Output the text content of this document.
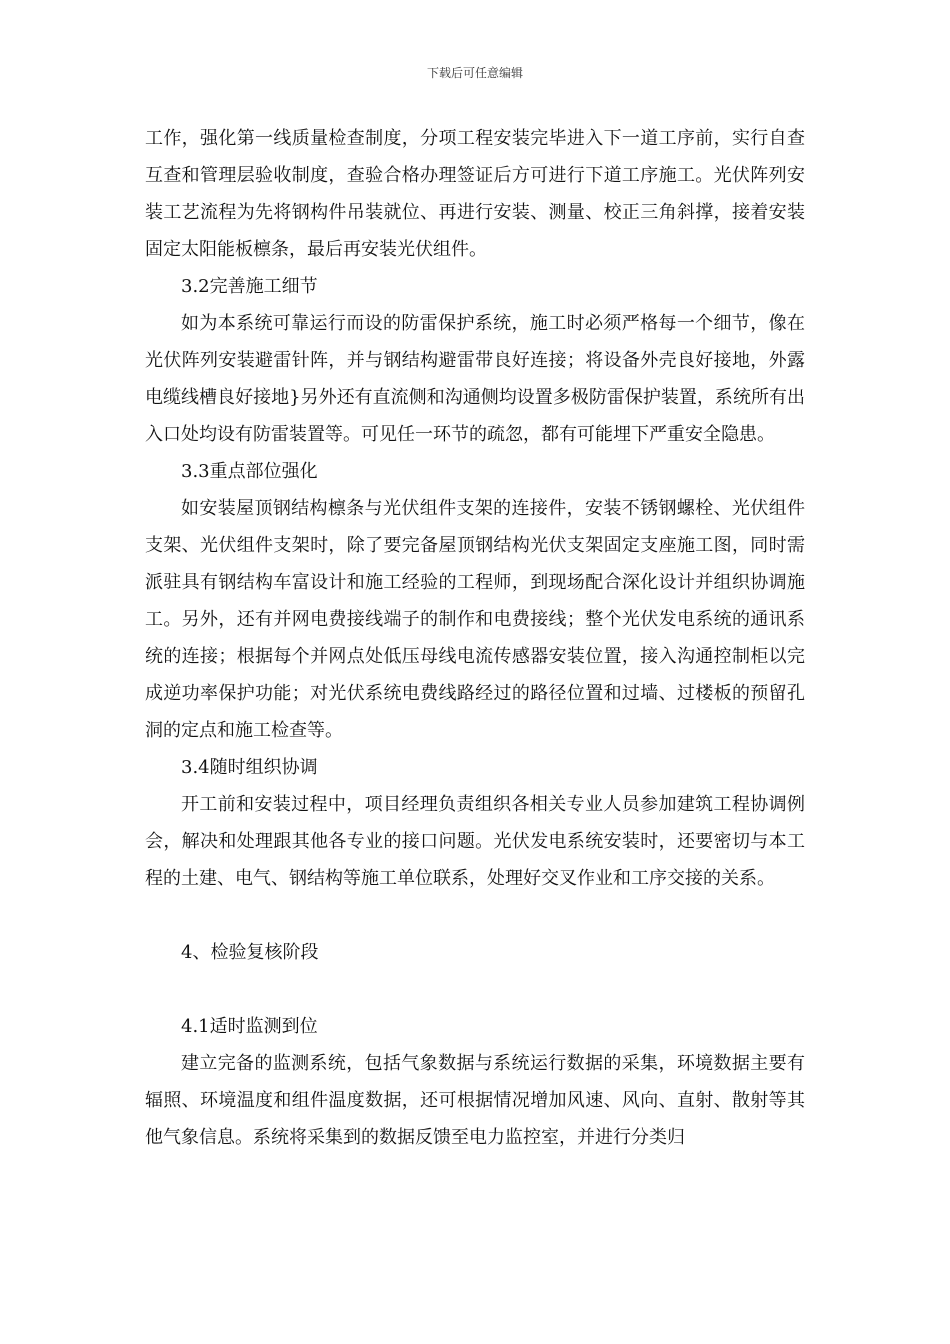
下载后可任意编辑

工作，强化第一线质量检查制度，分项工程安装完毕进入下一道工序前，实行自查互查和管理层验收制度，查验合格办理签证后方可进行下道工序施工。光伏阵列安装工艺流程为先将钢构件吊装就位、再进行安装、测量、校正三角斜撑，接着安装固定太阳能板檩条，最后再安装光伏组件。

3.2完善施工细节

如为本系统可靠运行而设的防雷保护系统，施工时必须严格每一个细节，像在光伏阵列安装避雷针阵，并与钢结构避雷带良好连接；将设备外壳良好接地，外露电缆线槽良好接地}另外还有直流侧和沟通侧均设置多极防雷保护装置，系统所有出入口处均设有防雷装置等。可见任一环节的疏忽，都有可能埋下严重安全隐患。

3.3重点部位强化

如安装屋顶钢结构檩条与光伏组件支架的连接件，安装不锈钢螺栓、光伏组件支架、光伏组件支架时，除了要完备屋顶钢结构光伏支架固定支座施工图，同时需派驻具有钢结构车富设计和施工经验的工程师，到现场配合深化设计并组织协调施工。另外，还有并网电费接线端子的制作和电费接线；整个光伏发电系统的通讯系统的连接；根据每个并网点处低压母线电流传感器安装位置，接入沟通控制柜以完成逆功率保护功能；对光伏系统电费线路经过的路径位置和过墙、过楼板的预留孔洞的定点和施工检查等。

3.4随时组织协调

开工前和安装过程中，项目经理负责组织各相关专业人员参加建筑工程协调例会，解决和处理跟其他各专业的接口问题。光伏发电系统安装时，还要密切与本工程的土建、电气、钢结构等施工单位联系，处理好交叉作业和工序交接的关系。

4、检验复核阶段

4.1适时监测到位

建立完备的监测系统，包括气象数据与系统运行数据的采集，环境数据主要有辐照、环境温度和组件温度数据，还可根据情况增加风速、风向、直射、散射等其他气象信息。系统将采集到的数据反馈至电力监控室，并进行分类归
